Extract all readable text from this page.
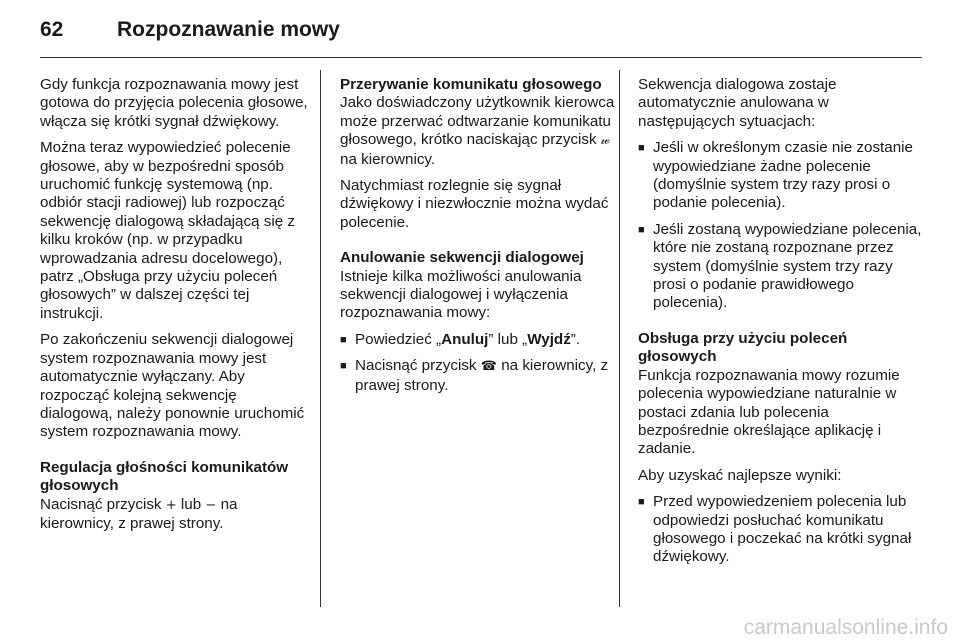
62	Rozpoznawanie mowy

Gdy funkcja rozpoznawania mowy jest gotowa do przyjęcia polecenia głosowe, włącza się krótki sygnał dźwiękowy.

Można teraz wypowiedzieć polecenie głosowe, aby w bezpośredni sposób uruchomić funkcję systemową (np. odbiór stacji radiowej) lub rozpocząć sekwencję dialogową składającą się z kilku kroków (np. w przypadku wprowadzania adresu docelowego), patrz „Obsługa przy użyciu poleceń głosowych” w dalszej części tej instrukcji.

Po zakończeniu sekwencji dialogowej system rozpoznawania mowy jest automatycznie wyłączany. Aby rozpocząć kolejną sekwencję dialogową, należy ponownie uruchomić system rozpoznawania mowy.

Regulacja głośności komunikatów głosowych

Nacisnąć przycisk + lub − na kierownicy, z prawej strony.

Przerywanie komunikatu głosowego

Jako doświadczony użytkownik kierowca może przerwać odtwarzanie komunikatu głosowego, krótko naciskając przycisk 𝓌 na kierownicy.

Natychmiast rozlegnie się sygnał dźwiękowy i niezwłocznie można wydać polecenie.

Anulowanie sekwencji dialogowej

Istnieje kilka możliwości anulowania sekwencji dialogowej i wyłączenia rozpoznawania mowy:

■ Powiedzieć „Anuluj” lub „Wyjdź”.
■ Nacisnąć przycisk ☎ na kierownicy, z prawej strony.

Sekwencja dialogowa zostaje automatycznie anulowana w następujących sytuacjach:

■ Jeśli w określonym czasie nie zostanie wypowiedziane żadne polecenie (domyślnie system trzy razy prosi o podanie polecenia).
■ Jeśli zostaną wypowiedziane polecenia, które nie zostaną rozpoznane przez system (domyślnie system trzy razy prosi o podanie prawidłowego polecenia).
Obsługa przy użyciu poleceń głosowych

Funkcja rozpoznawania mowy rozumie polecenia wypowiedziane naturalnie w postaci zdania lub polecenia bezpośrednie określające aplikację i zadanie.

Aby uzyskać najlepsze wyniki:

■ Przed wypowiedzeniem polecenia lub odpowiedzi posłuchać komunikatu głosowego i poczekać na krótki sygnał dźwiękowy.
carmanualsonline.info
